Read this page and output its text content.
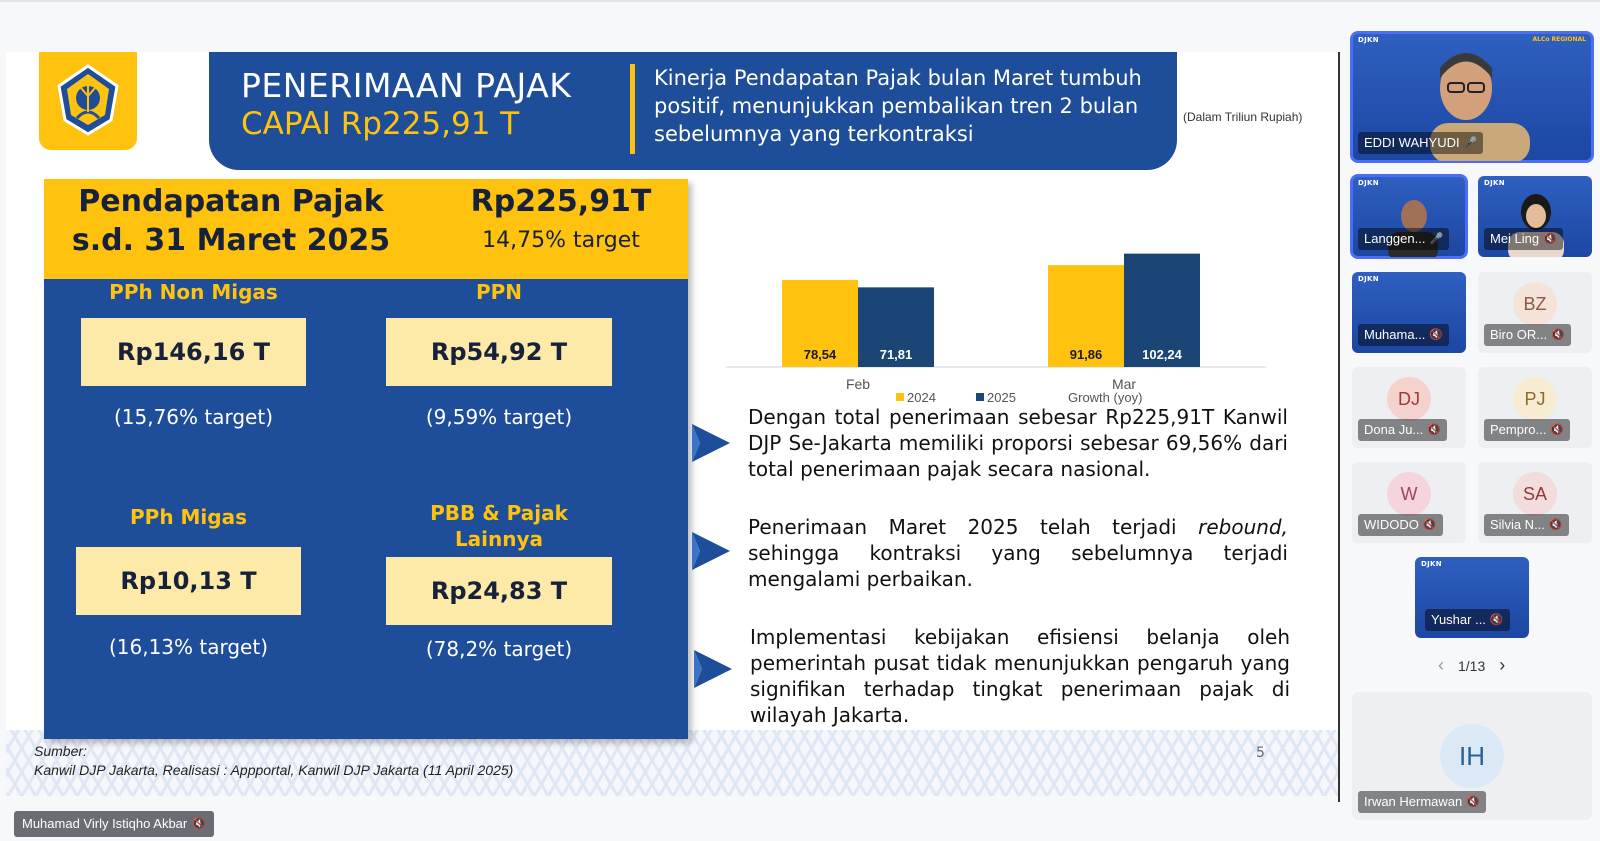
PENERIMAAN PAJAK
CAPAI Rp225,91 T
Kinerja Pendapatan Pajak bulan Maret tumbuh positif, menunjukkan pembalikan tren 2 bulan sebelumnya yang terkontraksi
(Dalam Triliun Rupiah)
Pendapatan Pajak
s.d. 31 Maret 2025
Rp225,91T
14,75% target
PPh Non Migas
Rp146,16 T
(15,76% target)
PPN
Rp54,92 T
(9,59% target)
PPh Migas
Rp10,13 T
(16,13% target)
PBB & Pajak
Lainnya
Rp24,83 T
(78,2% target)
78,54	71,81
Feb
91,86	102,24
Mar
2024	2025	Growth (yoy)
Dengan total penerimaan sebesar Rp225,91T Kanwil DJP Se-Jakarta memiliki proporsi sebesar 69,56% dari total penerimaan pajak secara nasional.
Penerimaan Maret 2025 telah terjadi rebound, sehingga kontraksi yang sebelumnya terjadi mengalami perbaikan.
Implementasi kebijakan efisiensi belanja oleh pemerintah pusat tidak menunjukkan pengaruh yang signifikan terhadap tingkat penerimaan pajak di wilayah Jakarta.
Sumber:
Kanwil DJP Jakarta, Realisasi : Appportal, Kanwil DJP Jakarta (11 April 2025)
5
DJKN	ALCo REGIONAL
EDDI WAHYUDI 🎤
DJKN
Langgen... 🎤
DJKN
Mei Ling 🔇
DJKN
Muhama... 🔇
BZ
Biro OR... 🔇
DJ
Dona Ju... 🔇
PJ
Pempro... 🔇
W
WIDODO 🔇
SA
Silvia N... 🔇
DJKN
Yushar ... 🔇
‹ 1/13 ›
IH
Irwan Hermawan 🔇
Muhamad Virly Istiqho Akbar 🔇
